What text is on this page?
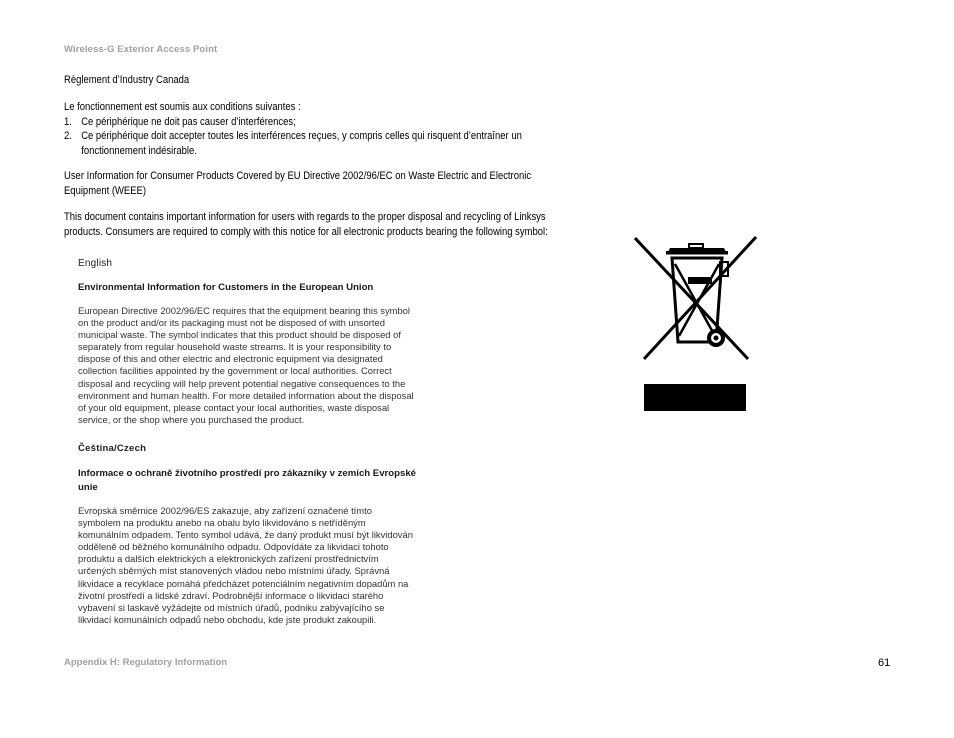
Wireless-G Exterior Access Point
Règlement d’Industry Canada
Le fonctionnement est soumis aux conditions suivantes :
1. Ce périphérique ne doit pas causer d’interférences;
2. Ce périphérique doit accepter toutes les interférences reçues, y compris celles qui risquent d’entraîner un
fonctionnement indésirable.
User Information for Consumer Products Covered by EU Directive 2002/96/EC on Waste Electric and Electronic
Equipment (WEEE)
This document contains important information for users with regards to the proper disposal and recycling of Linksys
products. Consumers are required to comply with this notice for all electronic products bearing the following symbol:
English
Environmental Information for Customers in the European Union
European Directive 2002/96/EC requires that the equipment bearing this symbol
on the product and/or its packaging must not be disposed of with unsorted
municipal waste. The symbol indicates that this product should be disposed of
separately from regular household waste streams. It is your responsibility to
dispose of this and other electric and electronic equipment via designated
collection facilities appointed by the government or local authorities. Correct
disposal and recycling will help prevent potential negative consequences to the
environment and human health. For more detailed information about the disposal
of your old equipment, please contact your local authorities, waste disposal
service, or the shop where you purchased the product.
Čeština/Czech
Informace o ochraně životního prostředí pro zákazníky v zemích Evropské
unie
Evropská směrnice 2002/96/ES zakazuje, aby zařízení označené tímto
symbolem na produktu anebo na obalu bylo likvidováno s netříděným
komunálním odpadem. Tento symbol udává, že daný produkt musí být likvidován
odděleně od běžného komunálního odpadu. Odpovídáte za likvidaci tohoto
produktu a dalších elektrických a elektronických zařízení prostřednictvím
určených sběrných míst stanovených vládou nebo místními úřady. Správná
likvidace a recyklace pomáhá předcházet potenciálním negativním dopadům na
životní prostředí a lidské zdraví. Podrobnější informace o likvidaci starého
vybavení si laskavě vyžádejte od místních úřadů, podniku zabývajícího se
likvidací komunálních odpadů nebo obchodu, kde jste produkt zakoupili.
Appendix H: Regulatory Information	61
